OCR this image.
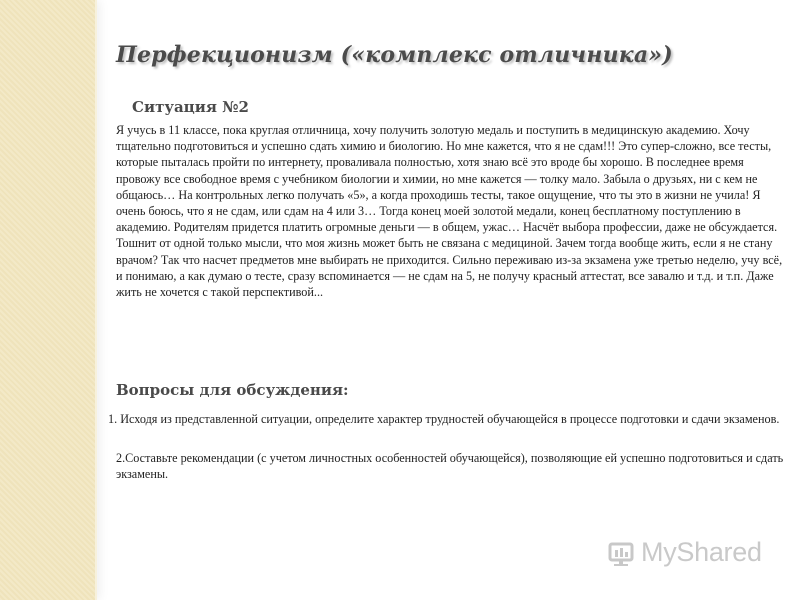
Перфекционизм («комплекс отличника»)
Ситуация №2
Я учусь в 11 классе, пока круглая отличница, хочу получить золотую медаль и поступить в медицинскую академию. Хочу тщательно подготовиться и успешно сдать химию и биологию. Но мне кажется, что я не сдам!!! Это супер-сложно, все тесты, которые пыталась пройти по интернету, проваливала полностью, хотя знаю всё это вроде бы хорошо. В последнее время провожу все свободное время с учебником биологии и химии, но мне кажется — толку мало. Забыла о друзьях, ни с кем не общаюсь… На контрольных легко получать «5», а когда проходишь тесты, такое ощущение, что ты это в жизни не учила! Я очень боюсь, что я не сдам, или сдам на 4 или 3… Тогда конец моей золотой медали, конец бесплатному поступлению в академию. Родителям придется платить огромные деньги — в общем, ужас… Насчёт выбора профессии, даже не обсуждается. Тошнит от одной только мысли, что моя жизнь может быть не связана с медициной. Зачем тогда вообще жить, если я не стану врачом? Так что насчет предметов мне выбирать не приходится. Сильно переживаю из-за экзамена уже третью неделю, учу всё, и понимаю, а как думаю о тесте, сразу вспоминается — не сдам на 5, не получу красный аттестат, все завалю и т.д. и т.п. Даже жить не хочется с такой перспективой...
Вопросы для обсуждения:
1. Исходя из представленной ситуации, определите характер трудностей обучающейся в процессе подготовки и сдачи экзаменов.
2.Составьте рекомендации (с учетом личностных особенностей обучающейся), позволяющие ей успешно подготовиться и сдать экзамены.
MyShared
